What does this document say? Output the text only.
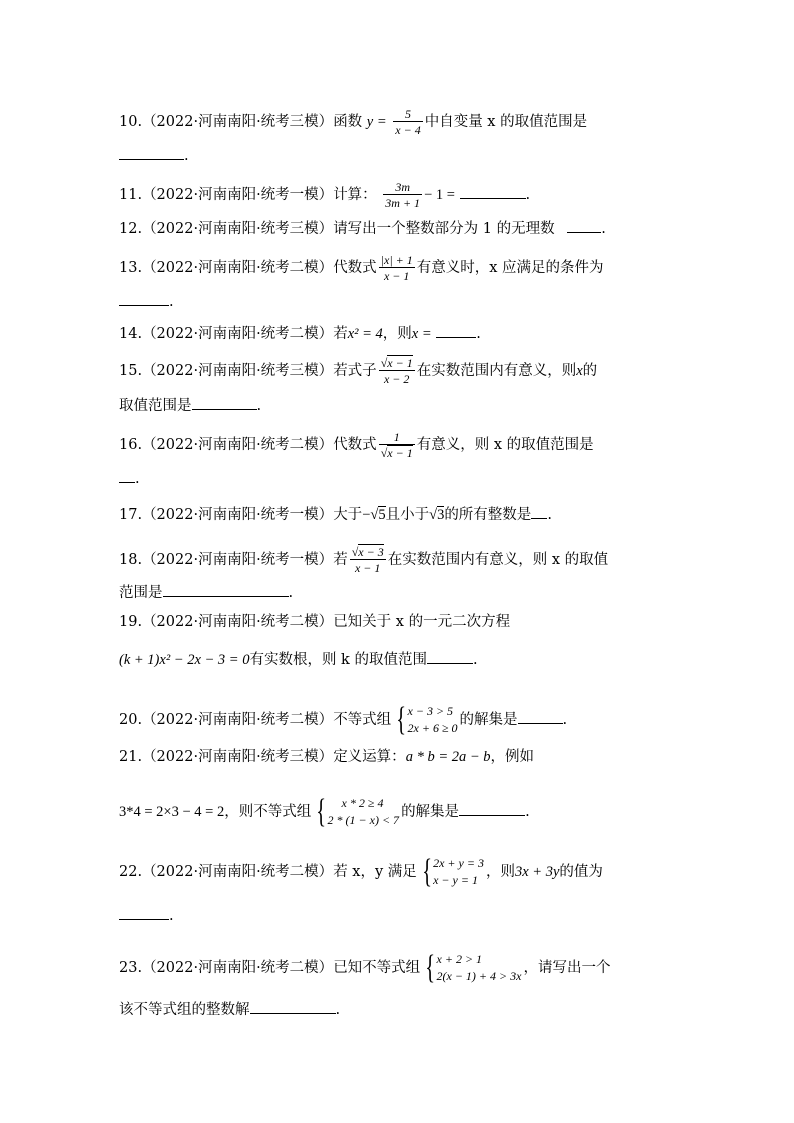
10.（2022·河南南阳·统考三模）函数 $y = \frac{5}{x - 4}$ 中自变量 x 的取值范围是
.
11.（2022·河南南阳·统考一模）计算： $\frac{3m}{3m + 1} - 1$ =	.
12.（2022·河南南阳·统考三模）请写出一个整数部分为 1 的无理数	.
13.（2022·河南南阳·统考二模）代数式 $\frac{|x| + 1}{x - 1}$ 有意义时，x 应满足的条件为
.
14.（2022·河南南阳·统考二模）若x² = 4，则x =	.
15.（2022·河南南阳·统考三模）若式子 $\frac{√x - 1}{x - 2}$ 在实数范围内有意义，则x的
取值范围是	.
16.（2022·河南南阳·统考二模）代数式 $\frac{1}{√x - 1}$ 有意义，则 x 的取值范围是
.
17.（2022·河南南阳·统考一模）大于−√5且小于√3的所有整数是 .
18.（2022·河南南阳·统考一模）若 $\frac{√x - 3}{x - 1}$ 在实数范围内有意义，则 x 的取值
范围是	.
19.（2022·河南南阳·统考二模）已知关于 x 的一元二次方程
(k + 1)x² − 2x − 3 = 0有实数根，则 k 的取值范围	.
20.（2022·河南南阳·统考二模）不等式组 { x − 3 > 5
2x + 6 ≥ 0 的解集是	.
21.（2022·河南南阳·统考三模）定义运算：a * b = 2a − b，例如
3*4 = 2×3 − 4 = 2，则不等式组 {	x * 2 ≥ 4
2 * (1 − x) < 7 的解集是	.
22.（2022·河南南阳·统考二模）若 x，y 满足 { 2x + y = 3
x − y = 1 ，则3x + 3y的值为
.
23.（2022·河南南阳·统考二模）已知不等式组 { x + 2 > 1
2(x − 1) + 4 > 3x ，请写出一个
该不等式组的整数解	.
